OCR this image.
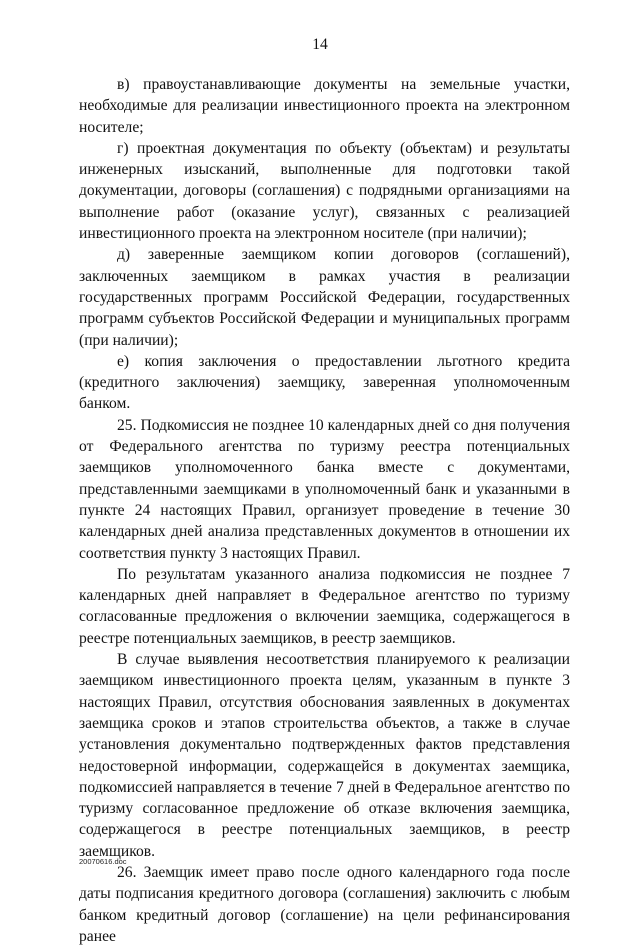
14

в) правоустанавливающие документы на земельные участки, необходимые для реализации инвестиционного проекта на электронном носителе;

г) проектная документация по объекту (объектам) и результаты инженерных изысканий, выполненные для подготовки такой документации, договоры (соглашения) с подрядными организациями на выполнение работ (оказание услуг), связанных с реализацией инвестиционного проекта на электронном носителе (при наличии);

д) заверенные заемщиком копии договоров (соглашений), заключенных заемщиком в рамках участия в реализации государственных программ Российской Федерации, государственных программ субъектов Российской Федерации и муниципальных программ (при наличии);

е) копия заключения о предоставлении льготного кредита (кредитного заключения) заемщику, заверенная уполномоченным банком.

25. Подкомиссия не позднее 10 календарных дней со дня получения от Федерального агентства по туризму реестра потенциальных заемщиков уполномоченного банка вместе с документами, представленными заемщиками в уполномоченный банк и указанными в пункте 24 настоящих Правил, организует проведение в течение 30 календарных дней анализа представленных документов в отношении их соответствия пункту 3 настоящих Правил.

По результатам указанного анализа подкомиссия не позднее 7 календарных дней направляет в Федеральное агентство по туризму согласованные предложения о включении заемщика, содержащегося в реестре потенциальных заемщиков, в реестр заемщиков.

В случае выявления несоответствия планируемого к реализации заемщиком инвестиционного проекта целям, указанным в пункте 3 настоящих Правил, отсутствия обоснования заявленных в документах заемщика сроков и этапов строительства объектов, а также в случае установления документально подтвержденных фактов представления недостоверной информации, содержащейся в документах заемщика, подкомиссией направляется в течение 7 дней в Федеральное агентство по туризму согласованное предложение об отказе включения заемщика, содержащегося в реестре потенциальных заемщиков, в реестр заемщиков.

26. Заемщик имеет право после одного календарного года после даты подписания кредитного договора (соглашения) заключить с любым банком кредитный договор (соглашение) на цели рефинансирования ранее

20070616.doc
